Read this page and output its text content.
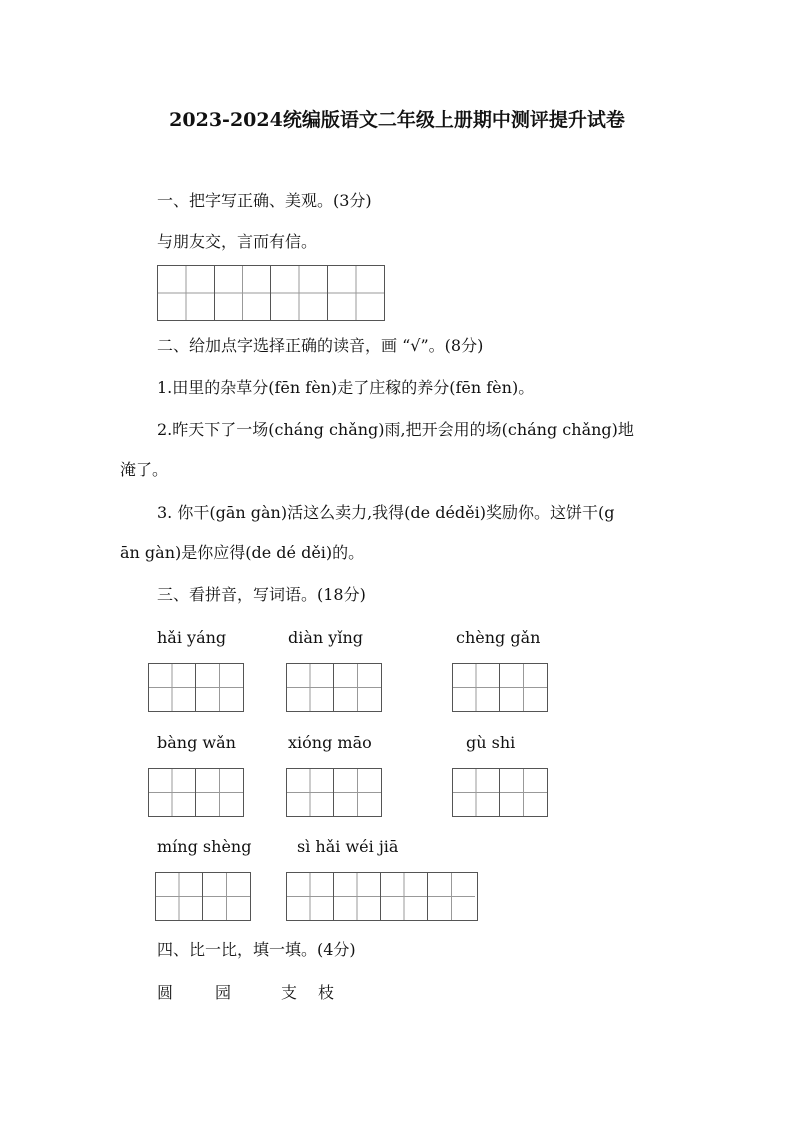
2023-2024统编版语文二年级上册期中测评提升试卷
一、把字写正确、美观。(3分)
与朋友交，言而有信。
二、给加点字选择正确的读音，画 “√”。(8分)
1.田里的杂草分(fēn fèn)走了庄稼的养分(fēn fèn)。
2.昨天下了一场(cháng chǎng)雨,把开会用的场(cháng chǎng)地
淹了。
3. 你干(gān gàn)活这么卖力,我得(de déděi)奖励你。这饼干(g
ān gàn)是你应得(de dé děi)的。
三、看拼音，写词语。(18分)
hǎi yáng	diàn yǐng	chèng gǎn
bàng wǎn	xióng māo	gù shi
míng shèng	sì hǎi wéi jiā
四、比一比，填一填。(4分)
圆	园	支 枝
